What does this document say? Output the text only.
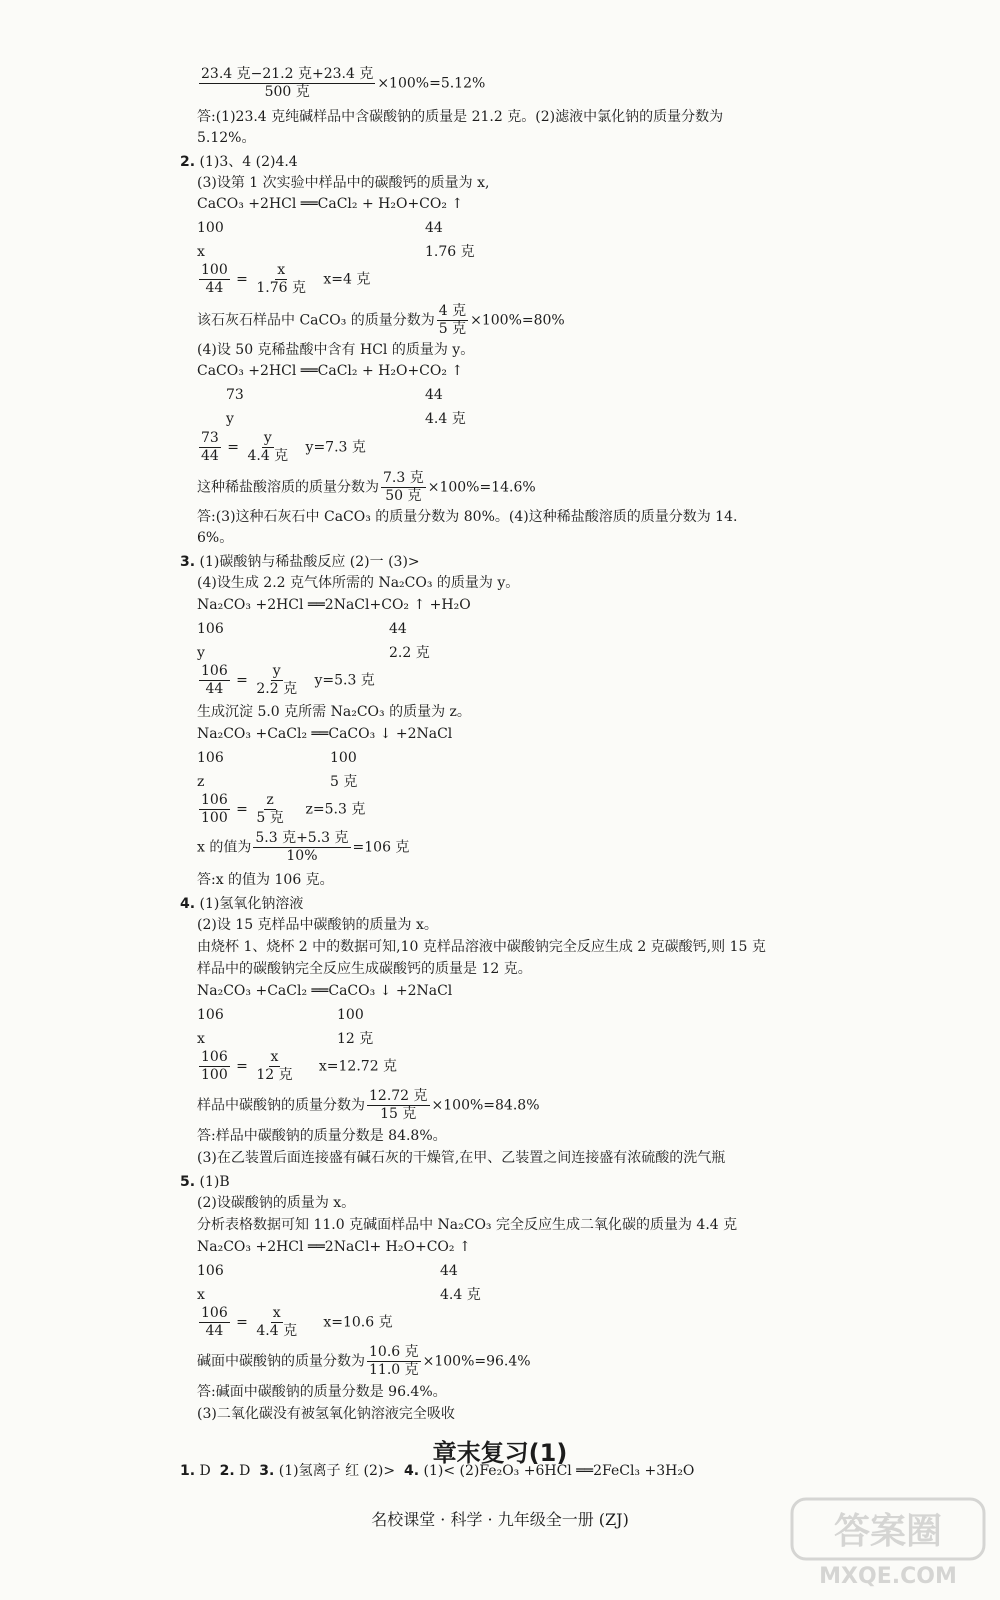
$\frac{\text{23.4 克−21.2 克+23.4 克}}{\text{500 克}} \times 100\%=5.12\%$
答:(1)23.4 克纯碱样品中含碳酸钠的质量是 21.2 克。(2)滤液中氯化钠的质量分数为
5.12%。
2. (1)3、4 (2)4.4
(3)设第 1 次实验中样品中的碳酸钙的质量为 x,
CaCO₃ +2HCl ══CaCl₂ + H₂O+CO₂ ↑
100	44
x	1.76 克
$\frac{100}{44} = \frac{x}{\text{1.76 克}} x=4$ 克
该石灰石样品中 CaCO₃ 的质量分数为 $\frac{\text{4 克}}{\text{5 克}} \times 100\%=80\%$
(4)设 50 克稀盐酸中含有 HCl 的质量为 y。
CaCO₃ +2HCl ══CaCl₂ + H₂O+CO₂ ↑
73	44
y	4.4 克
$\frac{73}{44} = \frac{y}{\text{4.4 克}} y=7.3$ 克
这种稀盐酸溶质的质量分数为 $\frac{\text{7.3 克}}{\text{50 克}} \times 100\%=14.6\%$
答:(3)这种石灰石中 CaCO₃ 的质量分数为 80%。(4)这种稀盐酸溶质的质量分数为 14.
6%。
3. (1)碳酸钠与稀盐酸反应 (2)一 (3)>
(4)设生成 2.2 克气体所需的 Na₂CO₃ 的质量为 y。
Na₂CO₃ +2HCl ══2NaCl+CO₂ ↑ +H₂O
106	44
y	2.2 克
$\frac{106}{44} = \frac{y}{\text{2.2 克}} y=5.3$ 克
生成沉淀 5.0 克所需 Na₂CO₃ 的质量为 z。
Na₂CO₃ +CaCl₂ ══CaCO₃ ↓ +2NaCl
106	100
z	5 克
$\frac{106}{100} = \frac{z}{\text{5 克}} z=5.3$ 克
x 的值为 $\frac{\text{5.3 克+5.3 克}}{10\%} =106$ 克
答:x 的值为 106 克。
4. (1)氢氧化钠溶液
(2)设 15 克样品中碳酸钠的质量为 x。
由烧杯 1、烧杯 2 中的数据可知,10 克样品溶液中碳酸钠完全反应生成 2 克碳酸钙,则 15 克
样品中的碳酸钠完全反应生成碳酸钙的质量是 12 克。
Na₂CO₃ +CaCl₂ ══CaCO₃ ↓ +2NaCl
106	100
x	12 克
$\frac{106}{100} = \frac{x}{\text{12 克}} x=12.72$ 克
样品中碳酸钠的质量分数为 $\frac{\text{12.72 克}}{\text{15 克}} \times 100\%=84.8\%$
答:样品中碳酸钠的质量分数是 84.8%。
(3)在乙装置后面连接盛有碱石灰的干燥管,在甲、乙装置之间连接盛有浓硫酸的洗气瓶
5. (1)B
(2)设碳酸钠的质量为 x。
分析表格数据可知 11.0 克碱面样品中 Na₂CO₃ 完全反应生成二氧化碳的质量为 4.4 克
Na₂CO₃ +2HCl ══2NaCl+ H₂O+CO₂ ↑
106	44
x	4.4 克
$\frac{106}{44} = \frac{x}{\text{4.4 克}} x=10.6$ 克
碱面中碳酸钠的质量分数为 $\frac{\text{10.6 克}}{\text{11.0 克}} \times 100\%=96.4\%$
答:碱面中碳酸钠的质量分数是 96.4%。
(3)二氧化碳没有被氢氧化钠溶液完全吸收
1. D  2. D  3. (1)氢离子 红 (2)>  4. (1)< (2)Fe₂O₃ +6HCl ══2FeCl₃ +3H₂O
章末复习(1)
名校课堂 · 科学 · 九年级全一册 (ZJ)	答案圈
MXQE.COM
